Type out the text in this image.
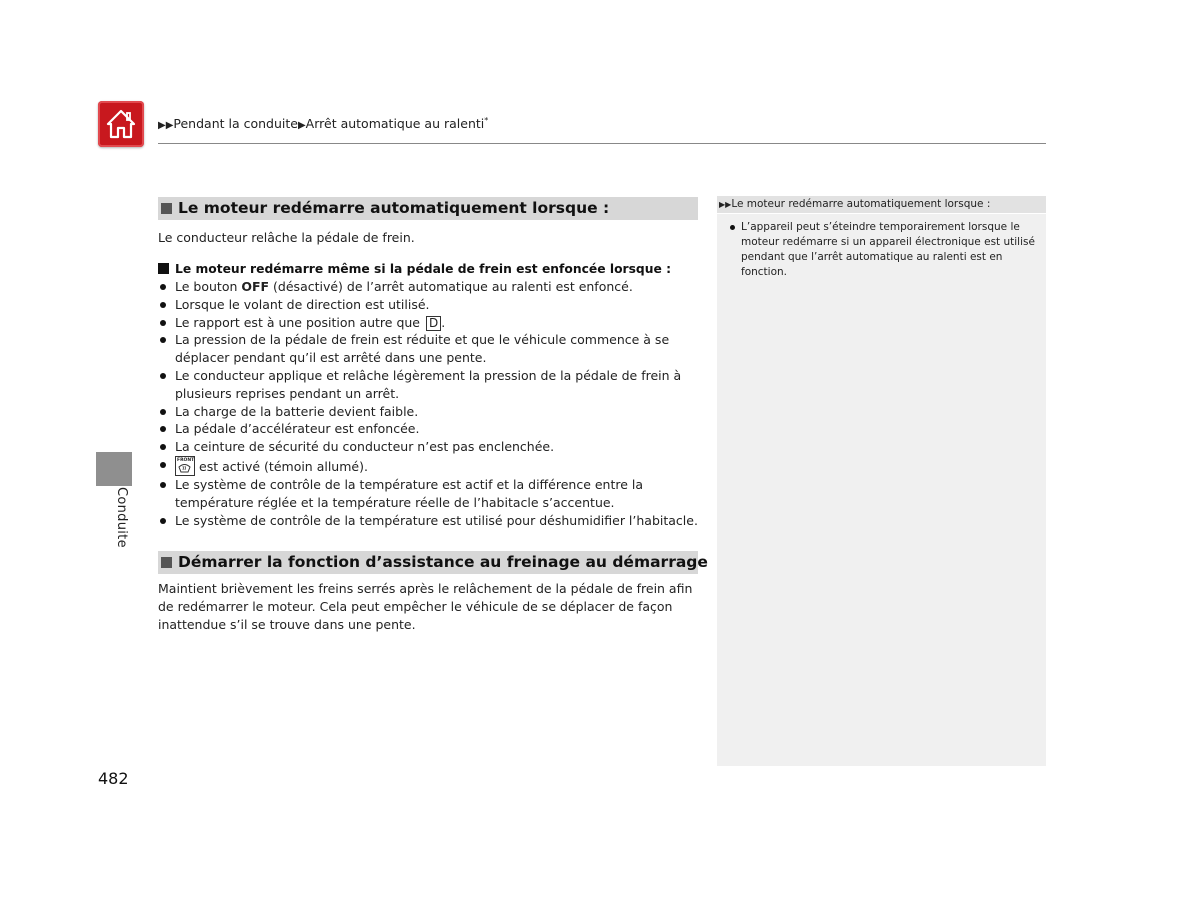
▶▶Pendant la conduite▶Arrêt automatique au ralenti*
Conduite
Le moteur redémarre automatiquement lorsque :

Le conducteur relâche la pédale de frein.

Le moteur redémarre même si la pédale de frein est enfoncée lorsque :
Le bouton OFF (désactivé) de l’arrêt automatique au ralenti est enfoncé.
Lorsque le volant de direction est utilisé.
Le rapport est à une position autre que D .
La pression de la pédale de frein est réduite et que le véhicule commence à se déplacer pendant qu’il est arrêté dans une pente.
Le conducteur applique et relâche légèrement la pression de la pédale de frein à plusieurs reprises pendant un arrêt.
La charge de la batterie devient faible.
La pédale d’accélérateur est enfoncée.
La ceinture de sécurité du conducteur n’est pas enclenchée.
FRONT est activé (témoin allumé).
Le système de contrôle de la température est actif et la différence entre la température réglée et la température réelle de l’habitacle s’accentue.
Le système de contrôle de la température est utilisé pour déshumidifier l’habitacle.
Démarrer la fonction d’assistance au freinage au démarrage

Maintient brièvement les freins serrés après le relâchement de la pédale de frein afin de redémarrer le moteur. Cela peut empêcher le véhicule de se déplacer de façon inattendue s’il se trouve dans une pente.

▶▶Le moteur redémarre automatiquement lorsque :
L’appareil peut s’éteindre temporairement lorsque le moteur redémarre si un appareil électronique est utilisé pendant que l’arrêt automatique au ralenti est en fonction.
482
